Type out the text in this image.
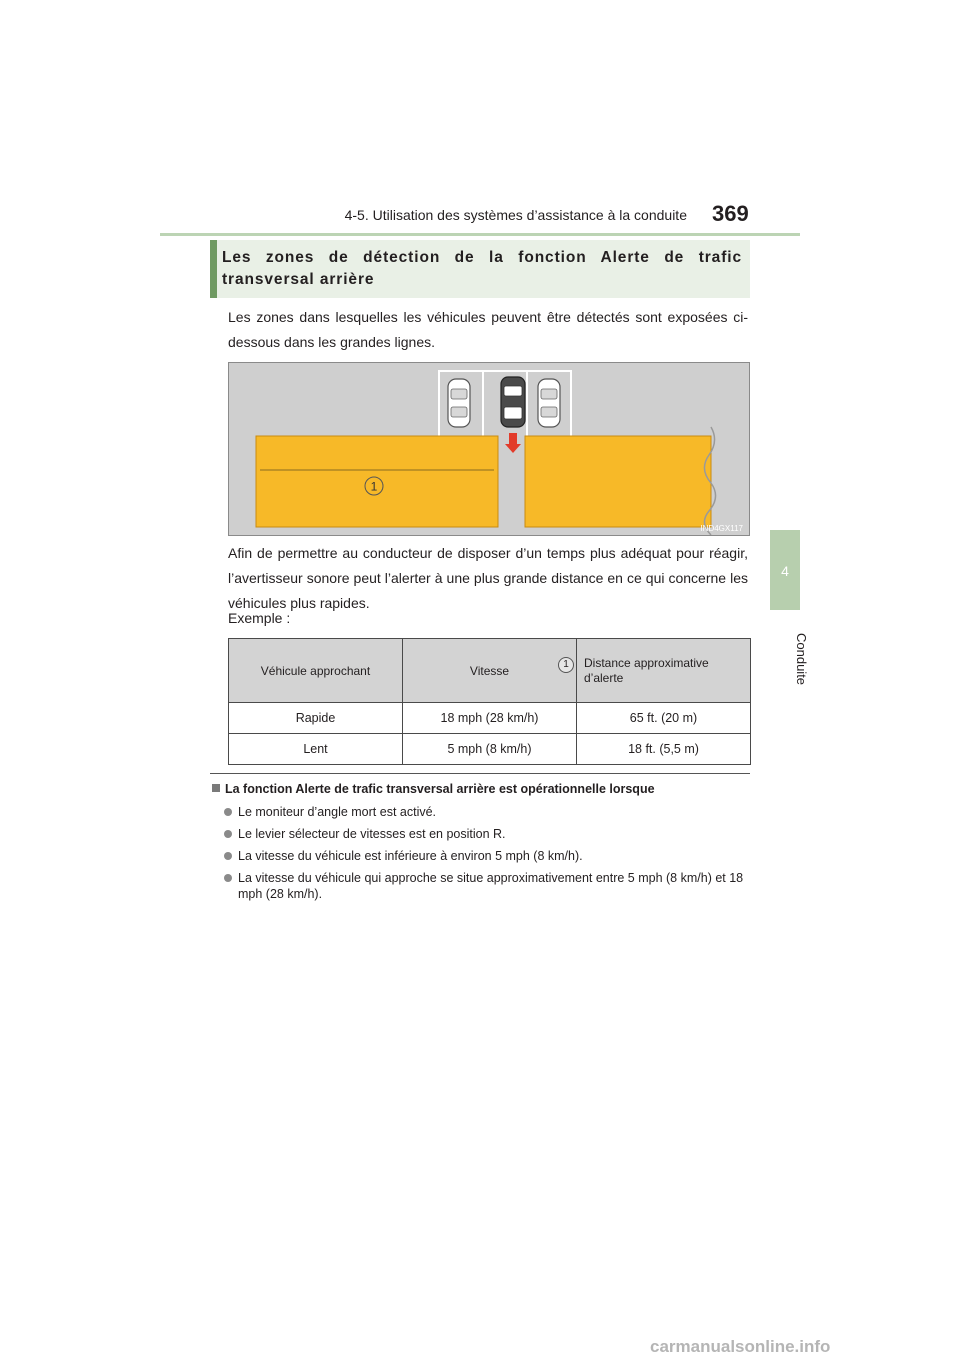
4-5. Utilisation des systèmes d’assistance à la conduite 369
4
Conduite
Les zones de détection de la fonction Alerte de trafic transversal arrière
Les zones dans lesquelles les véhicules peuvent être détectés sont exposées ci-dessous dans les grandes lignes.
1
IND4GX117
Afin de permettre au conducteur de disposer d’un temps plus adéquat pour réagir, l’avertisseur sonore peut l’alerter à une plus grande distance en ce qui concerne les véhicules plus rapides.
Exemple :
Véhicule approchant	Vitesse	1 Distance approximative d’alerte
Rapide	18 mph (28 km/h)	65 ft. (20 m)
Lent	5 mph (8 km/h)	18 ft. (5,5 m)
La fonction Alerte de trafic transversal arrière est opérationnelle lorsque
Le moniteur d’angle mort est activé.
Le levier sélecteur de vitesses est en position R.
La vitesse du véhicule est inférieure à environ 5 mph (8 km/h).
La vitesse du véhicule qui approche se situe approximativement entre 5 mph (8 km/h) et 18 mph (28 km/h).
carmanualsonline.info
